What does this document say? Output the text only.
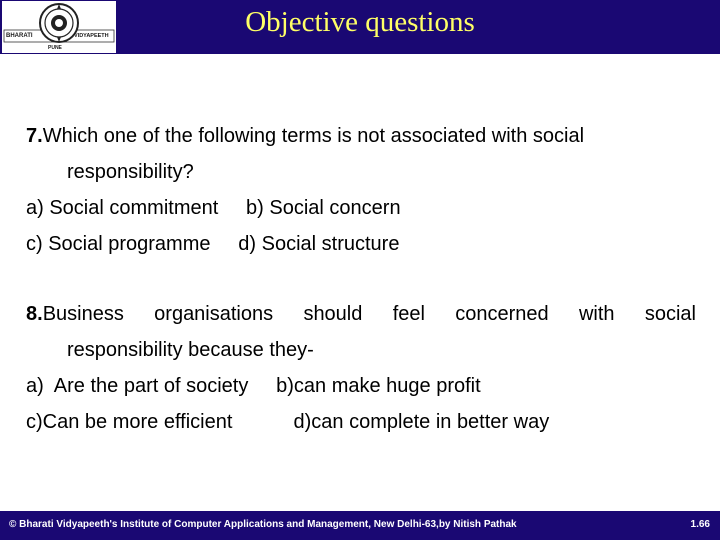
BHARATI	VIDYAPEETH
PUNE
Objective questions
7.Which one of the following terms is not associated with social
responsibility?
a) Social commitment     b) Social concern
c) Social programme     d) Social structure
8.Business organisations should feel concerned with social
responsibility because they-
a)  Are the part of society     b)can make huge profit
c)Can be more efficient           d)can complete in better way
© Bharati Vidyapeeth's Institute of Computer Applications and Management, New Delhi-63,by Nitish Pathak	1.66
